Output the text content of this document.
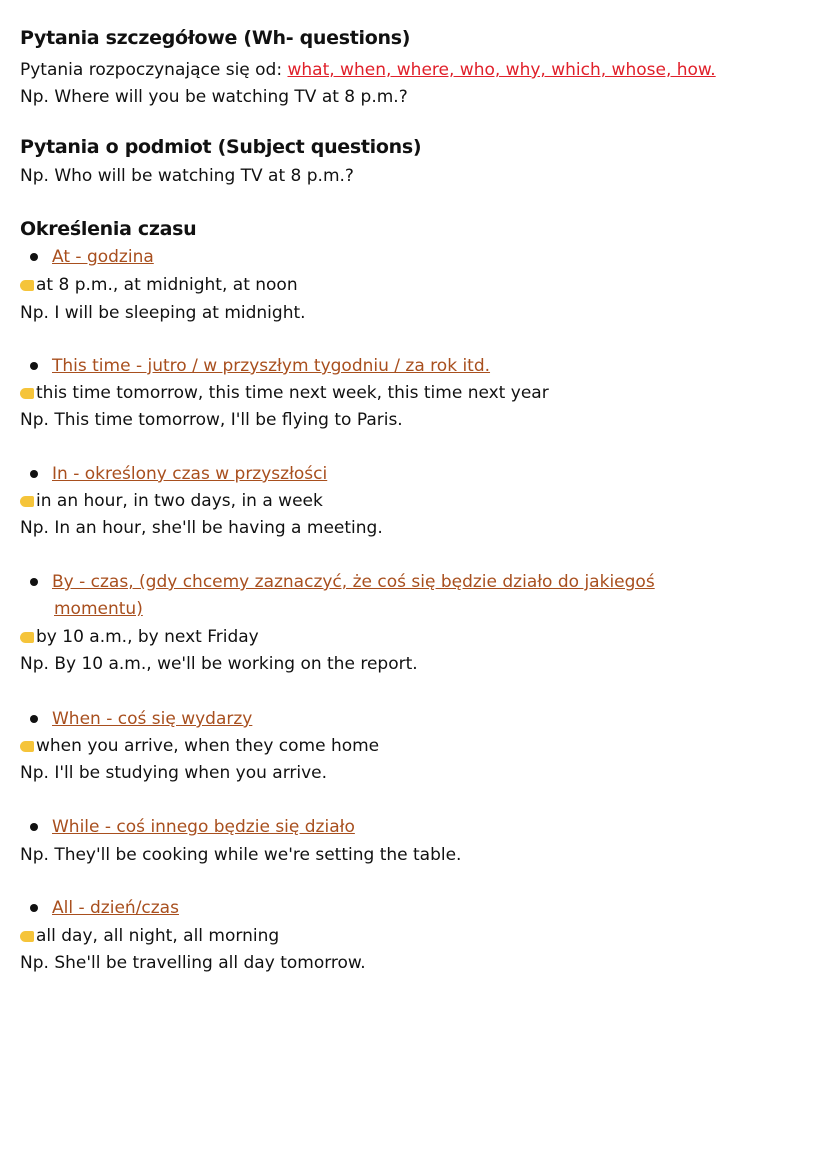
Pytania szczegółowe (Wh- questions)
Pytania rozpoczynające się od: what, when, where, who, why, which, whose, how.
Np. Where will you be watching TV at 8 p.m.?
Pytania o podmiot (Subject questions)
Np. Who will be watching TV at 8 p.m.?
Określenia czasu
At - godzina
at 8 p.m., at midnight, at noon
Np. I will be sleeping at midnight.
This time - jutro / w przyszłym tygodniu / za rok itd.
this time tomorrow, this time next week, this time next year
Np. This time tomorrow, I'll be flying to Paris.
In - określony czas w przyszłości
in an hour, in two days, in a week
Np. In an hour, she'll be having a meeting.
By - czas, (gdy chcemy zaznaczyć, że coś się będzie działo do jakiegoś
momentu)
by 10 a.m., by next Friday
Np. By 10 a.m., we'll be working on the report.
When - coś się wydarzy
when you arrive, when they come home
Np. I'll be studying when you arrive.
While - coś innego będzie się działo
Np. They'll be cooking while we're setting the table.
All - dzień/czas
all day, all night, all morning
Np. She'll be travelling all day tomorrow.
